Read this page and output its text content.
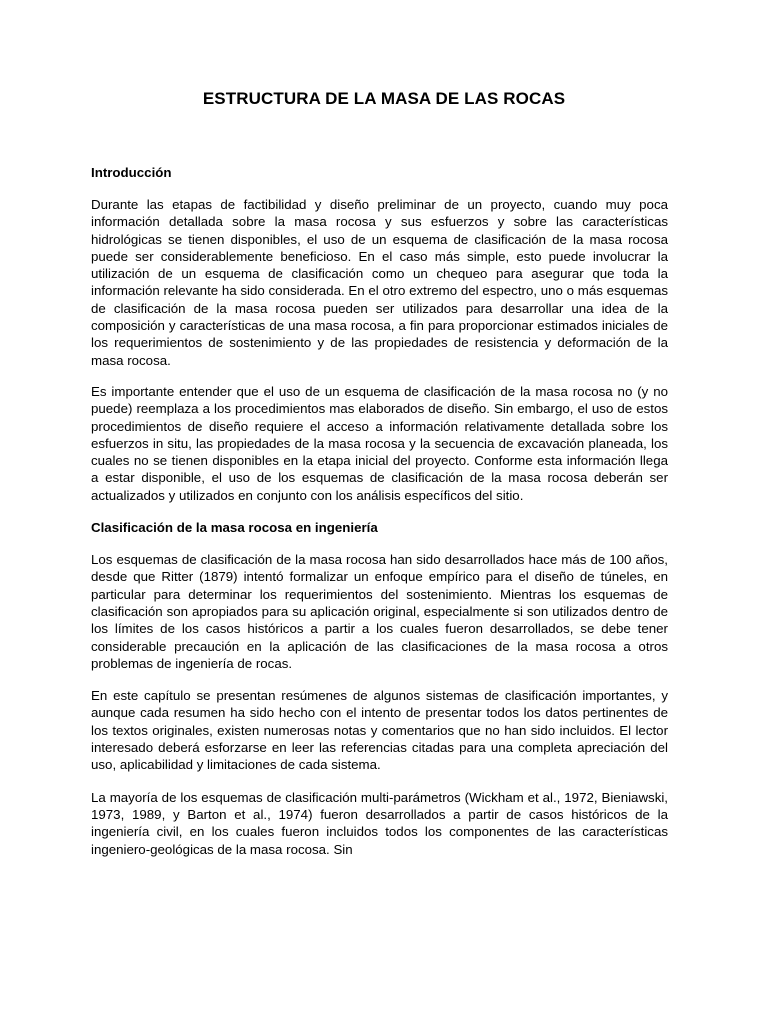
ESTRUCTURA DE LA MASA DE LAS ROCAS
Introducción

Durante las etapas de factibilidad y diseño preliminar de un proyecto, cuando muy poca información detallada sobre la masa rocosa y sus esfuerzos y sobre las características hidrológicas se tienen disponibles, el uso de un esquema de clasificación de la masa rocosa puede ser considerablemente beneficioso. En el caso más simple, esto puede involucrar la utilización de un esquema de clasificación como un chequeo para asegurar que toda la información relevante ha sido considerada. En el otro extremo del espectro, uno o más esquemas de clasificación de la masa rocosa pueden ser utilizados para desarrollar una idea de la composición y características de una masa rocosa, a fin para proporcionar estimados iniciales de los requerimientos de sostenimiento y de las propiedades de resistencia y deformación de la masa rocosa.

Es importante entender que el uso de un esquema de clasificación de la masa rocosa no (y no puede) reemplaza a los procedimientos mas elaborados de diseño. Sin embargo, el uso de estos procedimientos de diseño requiere el acceso a información relativamente detallada sobre los esfuerzos in situ, las propiedades de la masa rocosa y la secuencia de excavación planeada, los cuales no se tienen disponibles en la etapa inicial del proyecto. Conforme esta información llega a estar disponible, el uso de los esquemas de clasificación de la masa rocosa deberán ser actualizados y utilizados en conjunto con los análisis específicos del sitio.

Clasificación de la masa rocosa en ingeniería

Los esquemas de clasificación de la masa rocosa han sido desarrollados hace más de 100 años, desde que Ritter (1879) intentó formalizar un enfoque empírico para el diseño de túneles, en particular para determinar los requerimientos del sostenimiento. Mientras los esquemas de clasificación son apropiados para su aplicación original, especialmente si son utilizados dentro de los límites de los casos históricos a partir a los cuales fueron desarrollados, se debe tener considerable precaución en la aplicación de las clasificaciones de la masa rocosa a otros problemas de ingeniería de rocas.

En este capítulo se presentan resúmenes de algunos sistemas de clasificación importantes, y aunque cada resumen ha sido hecho con el intento de presentar todos los datos pertinentes de los textos originales, existen numerosas notas y comentarios que no han sido incluidos. El lector interesado deberá esforzarse en leer las referencias citadas para una completa apreciación del uso, aplicabilidad y limitaciones de cada sistema.

La mayoría de los esquemas de clasificación multi-parámetros (Wickham et al., 1972, Bieniawski, 1973, 1989, y Barton et al., 1974) fueron desarrollados a partir de casos históricos de la ingeniería civil, en los cuales fueron incluidos todos los componentes de las características ingeniero-geológicas de la masa rocosa. Sin
